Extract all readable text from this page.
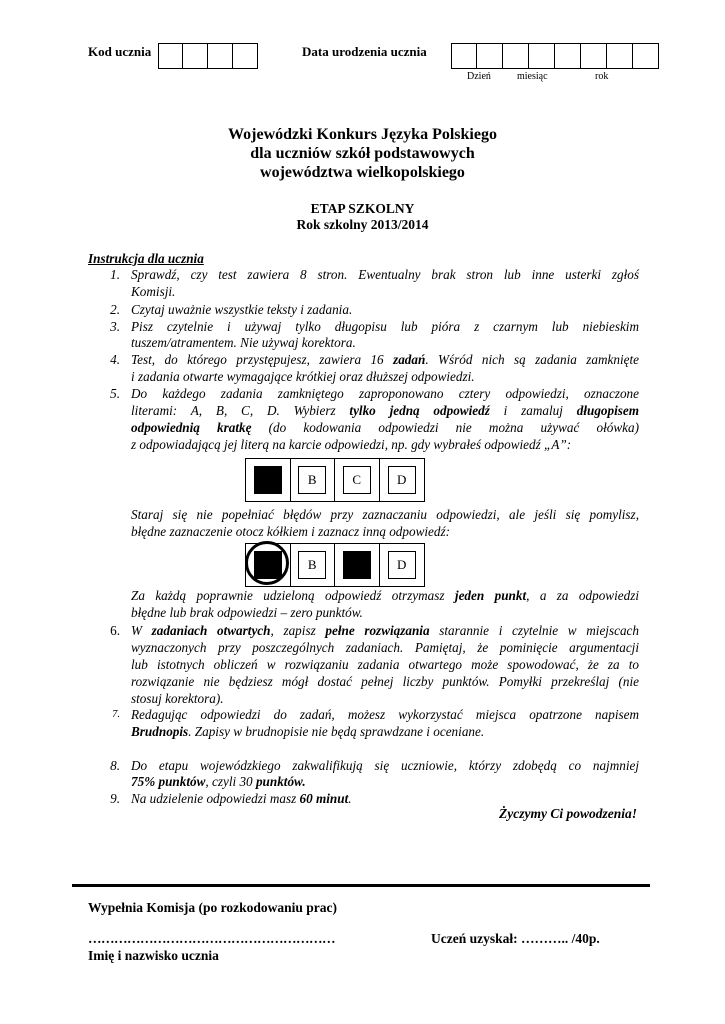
Kod ucznia	Data urodzenia ucznia
Dzień	miesiąc	rok
Wojewódzki Konkurs Języka Polskiego
dla uczniów szkół podstawowych
województwa wielkopolskiego
ETAP SZKOLNY
Rok szkolny 2013/2014
Instrukcja dla ucznia
1. Sprawdź, czy test zawiera 8 stron. Ewentualny brak stron lub inne usterki zgłoś
Komisji.
2. Czytaj uważnie wszystkie teksty i zadania.
3. Pisz czytelnie i używaj tylko długopisu lub pióra z czarnym lub niebieskim
tuszem/atramentem. Nie używaj korektora.
4. Test, do którego przystępujesz, zawiera 16 zadań. Wśród nich są zadania zamknięte
i zadania otwarte wymagające krótkiej oraz dłuższej odpowiedzi.
5. Do każdego zadania zamkniętego zaproponowano cztery odpowiedzi, oznaczone
literami: A, B, C, D. Wybierz tylko jedną odpowiedź i zamaluj długopisem
odpowiednią kratkę (do kodowania odpowiedzi nie można używać ołówka)
z odpowiadającą jej literą na karcie odpowiedzi, np. gdy wybrałeś odpowiedź „A”:
A	B	C	D
Staraj się nie popełniać błędów przy zaznaczaniu odpowiedzi, ale jeśli się pomylisz,
błędne zaznaczenie otocz kółkiem i zaznacz inną odpowiedź:
A	B	C	D
Za każdą poprawnie udzieloną odpowiedź otrzymasz jeden punkt, a za odpowiedzi
błędne lub brak odpowiedzi – zero punktów.
6. W zadaniach otwartych, zapisz pełne rozwiązania starannie i czytelnie w miejscach
wyznaczonych przy poszczególnych zadaniach. Pamiętaj, że pominięcie argumentacji
lub istotnych obliczeń w rozwiązaniu zadania otwartego może spowodować, że za to
rozwiązanie nie będziesz mógł dostać pełnej liczby punktów. Pomyłki przekreślaj (nie
stosuj korektora).
7. Redagując odpowiedzi do zadań, możesz wykorzystać miejsca opatrzone napisem
Brudnopis. Zapisy w brudnopisie nie będą sprawdzane i oceniane.
8. Do etapu wojewódzkiego zakwalifikują się uczniowie, którzy zdobędą co najmniej
75% punktów, czyli 30 punktów.
9. Na udzielenie odpowiedzi masz 60 minut.
Życzymy Ci powodzenia!
Wypełnia Komisja (po rozkodowaniu prac)
…………………………………………………
Imię i nazwisko ucznia
Uczeń uzyskał: ……….. /40p.
